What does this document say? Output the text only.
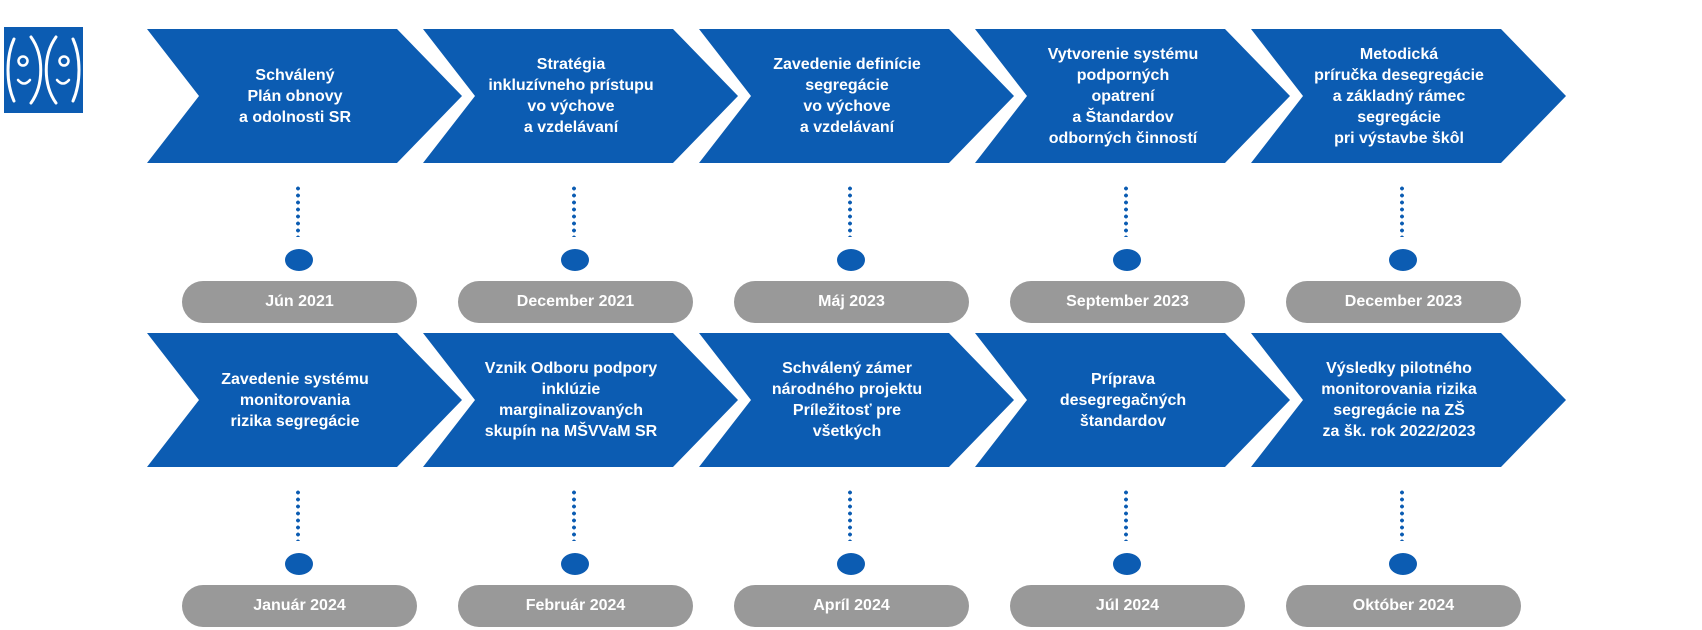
Schválený
Plán obnovy
a odolnosti SR
Jún 2021
Stratégia
inkluzívneho prístupu
vo výchove
a vzdelávaní
December 2021
Zavedenie definície
segregácie
vo výchove
a vzdelávaní
Máj 2023
Vytvorenie systému
podporných
opatrení
a Štandardov
odborných činností
September 2023
Metodická
príručka desegregácie
a základný rámec
segregácie
pri výstavbe škôl
December 2023
Zavedenie systému
monitorovania
rizika segregácie
Január 2024
Vznik Odboru podpory
inklúzie
marginalizovaných
skupín na MŠVVaM SR
Február 2024
Schválený zámer
národného projektu
Príležitosť pre
všetkých
Apríl 2024
Príprava
desegregačných
štandardov
Júl 2024
Výsledky pilotného
monitorovania rizika
segregácie na ZŠ
za šk. rok 2022/2023
Október 2024
